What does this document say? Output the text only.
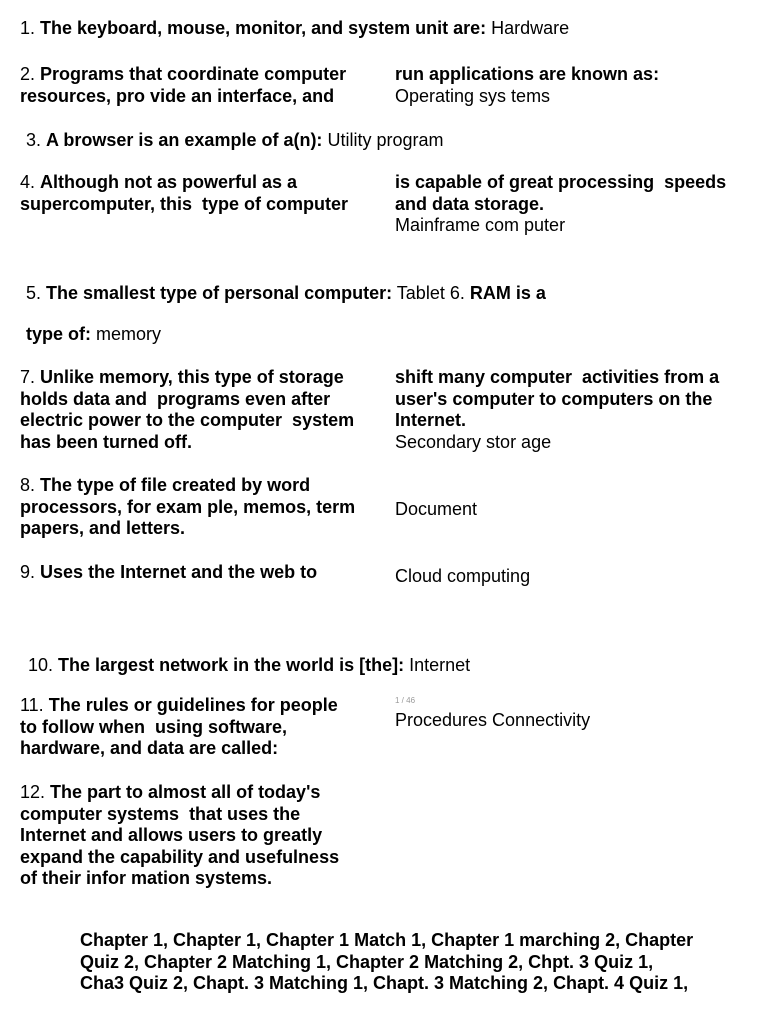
1. The keyboard, mouse, monitor, and system unit are: Hardware
2. Programs that coordinate computer
resources, pro vide an interface, and
run applications are known as:
Operating sys tems
3. A browser is an example of a(n): Utility program
4. Although not as powerful as a
supercomputer, this  type of computer
is capable of great processing  speeds
and data storage.
Mainframe com puter
5. The smallest type of personal computer: Tablet 6. RAM is a
type of: memory
7. Unlike memory, this type of storage
holds data and  programs even after
electric power to the computer  system
has been turned off.
shift many computer  activities from a
user's computer to computers on the
Internet.
Secondary stor age
8. The type of file created by word
processors, for exam ple, memos, term
papers, and letters.
Document
9. Uses the Internet and the web to	Cloud computing
10. The largest network in the world is [the]: Internet
11. The rules or guidelines for people
to follow when  using software,
hardware, and data are called:
1 / 46
Procedures Connectivity
12. The part to almost all of today's
computer systems  that uses the
Internet and allows users to greatly
expand the capability and usefulness
of their infor mation systems.
Chapter 1, Chapter 1, Chapter 1 Match 1, Chapter 1 marching 2, Chapter
Quiz 2, Chapter 2 Matching 1, Chapter 2 Matching 2, Chpt. 3 Quiz 1,
Cha3 Quiz 2, Chapt. 3 Matching 1, Chapt. 3 Matching 2, Chapt. 4 Quiz 1,
